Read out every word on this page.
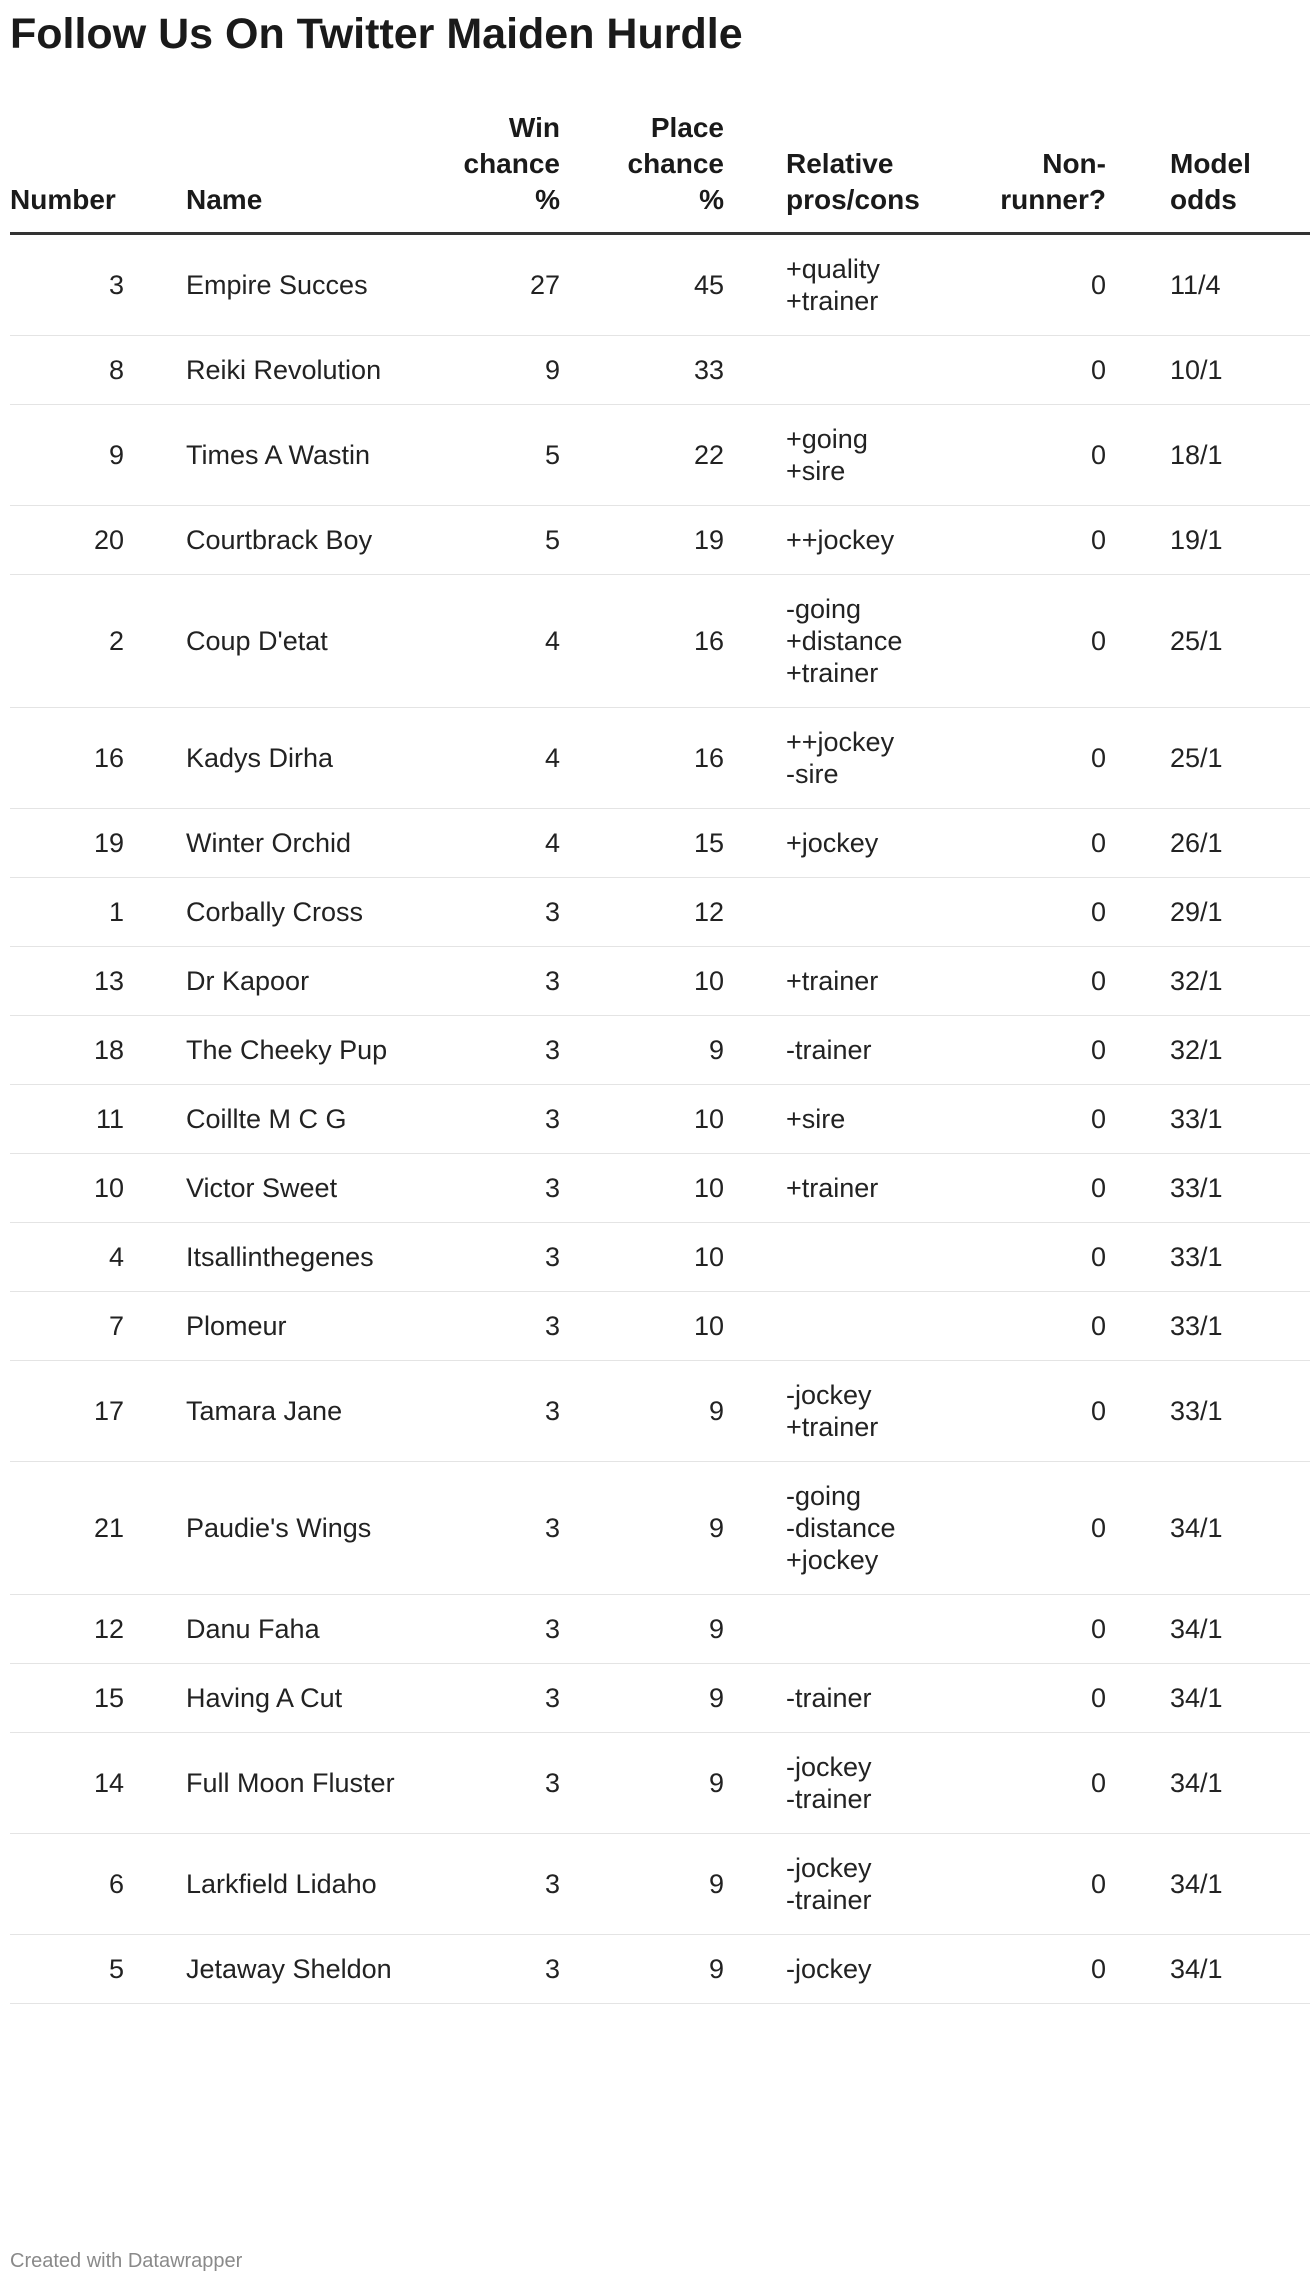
Follow Us On Twitter Maiden Hurdle
Number	Name	Win
chance
%	Place
chance
%	Relative
pros/cons	Non-
runner?	Model
odds
3	Empire Succes	27	45	+quality
+trainer	0	11/4
8	Reiki Revolution	9	33		0	10/1
9	Times A Wastin	5	22	+going
+sire	0	18/1
20	Courtbrack Boy	5	19	++jockey	0	19/1
2	Coup D'etat	4	16	-going
+distance
+trainer	0	25/1
16	Kadys Dirha	4	16	++jockey
-sire	0	25/1
19	Winter Orchid	4	15	+jockey	0	26/1
1	Corbally Cross	3	12		0	29/1
13	Dr Kapoor	3	10	+trainer	0	32/1
18	The Cheeky Pup	3	9	-trainer	0	32/1
11	Coillte M C G	3	10	+sire	0	33/1
10	Victor Sweet	3	10	+trainer	0	33/1
4	Itsallinthegenes	3	10		0	33/1
7	Plomeur	3	10		0	33/1
17	Tamara Jane	3	9	-jockey
+trainer	0	33/1
21	Paudie's Wings	3	9	-going
-distance
+jockey	0	34/1
12	Danu Faha	3	9		0	34/1
15	Having A Cut	3	9	-trainer	0	34/1
14	Full Moon Fluster	3	9	-jockey
-trainer	0	34/1
6	Larkfield Lidaho	3	9	-jockey
-trainer	0	34/1
5	Jetaway Sheldon	3	9	-jockey	0	34/1
Created with Datawrapper
